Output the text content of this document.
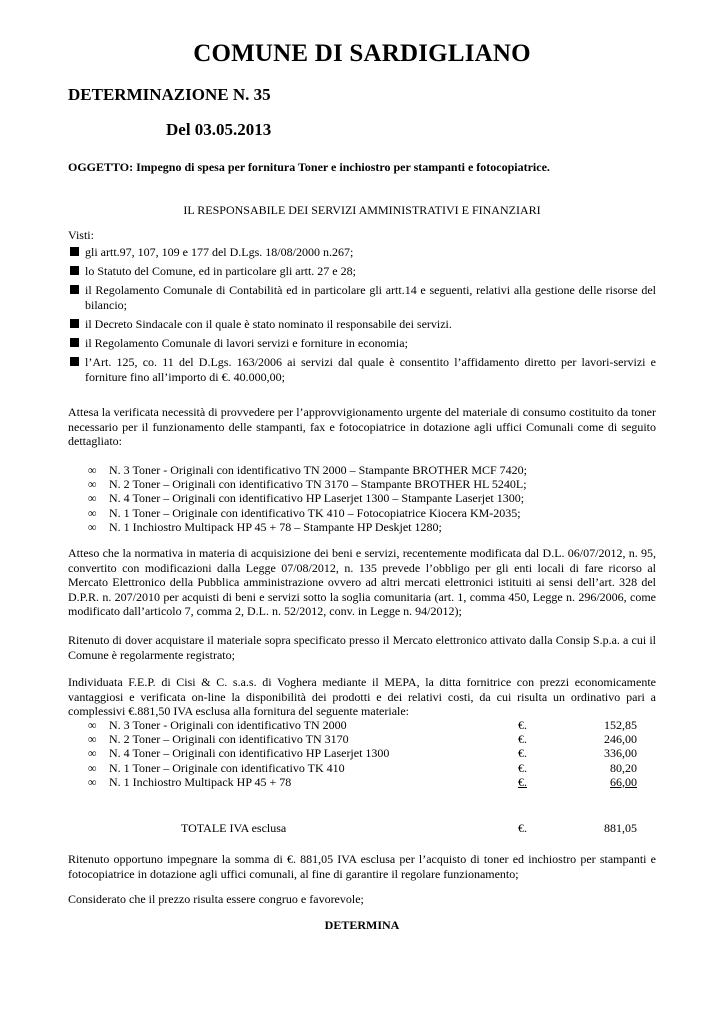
COMUNE DI SARDIGLIANO
DETERMINAZIONE N. 35
Del 03.05.2013
OGGETTO: Impegno di spesa per fornitura Toner e inchiostro per stampanti e fotocopiatrice.
IL RESPONSABILE DEI SERVIZI AMMINISTRATIVI E FINANZIARI
Visti:
gli artt.97, 107, 109 e 177 del D.Lgs. 18/08/2000 n.267;
lo Statuto del Comune, ed in particolare gli artt. 27 e 28;
il Regolamento Comunale di Contabilità ed in particolare gli artt.14 e seguenti, relativi alla gestione delle risorse del bilancio;
il Decreto Sindacale con il quale è stato nominato il responsabile dei servizi.
il Regolamento Comunale di lavori servizi e forniture in economia;
l’Art. 125, co. 11 del D.Lgs. 163/2006 ai servizi dal quale è consentito l’affidamento diretto per lavori-servizi e forniture fino all’importo di €. 40.000,00;
Attesa la verificata necessità di provvedere per l’approvvigionamento urgente del materiale di consumo costituito da toner necessario per il funzionamento delle stampanti, fax e fotocopiatrice in dotazione agli uffici Comunali come di seguito dettagliato:
∞	N. 3 Toner - Originali con identificativo TN 2000 – Stampante BROTHER MCF 7420;
∞	N. 2 Toner – Originali con identificativo TN 3170 – Stampante BROTHER HL 5240L;
∞	N. 4 Toner – Originali con identificativo HP Laserjet 1300 – Stampante Laserjet 1300;
∞	N. 1 Toner – Originale con identificativo TK 410 – Fotocopiatrice Kiocera KM-2035;
∞	N. 1 Inchiostro Multipack HP 45 + 78 – Stampante HP Deskjet 1280;
Atteso che la normativa in materia di acquisizione dei beni e servizi, recentemente modificata dal D.L. 06/07/2012, n. 95, convertito con modificazioni dalla Legge 07/08/2012, n. 135 prevede l’obbligo per gli enti locali di fare ricorso al Mercato Elettronico della Pubblica amministrazione ovvero ad altri mercati elettronici istituiti ai sensi dell’art. 328 del D.P.R. n. 207/2010 per acquisti di beni e servizi sotto la soglia comunitaria (art. 1, comma 450, Legge n. 296/2006, come modificato dall’articolo 7, comma 2, D.L. n. 52/2012, conv. in Legge n. 94/2012);
Ritenuto di dover acquistare il materiale sopra specificato presso il Mercato elettronico attivato dalla Consip S.p.a. a cui il Comune è regolarmente registrato;
Individuata F.E.P. di Cisi & C. s.a.s. di Voghera mediante il MEPA, la ditta fornitrice con prezzi economicamente vantaggiosi e verificata on-line la disponibilità dei prodotti e dei relativi costi, da cui risulta un ordinativo pari a complessivi €.881,50 IVA esclusa alla fornitura del seguente materiale:
∞	N. 3 Toner - Originali con identificativo TN 2000	€.	152,85
∞	N. 2 Toner – Originali con identificativo TN 3170	€.	246,00
∞	N. 4 Toner – Originali con identificativo HP Laserjet 1300	€.	336,00
∞	N. 1 Toner – Originale con identificativo TK 410	€.	80,20
∞	N. 1 Inchiostro Multipack HP 45 + 78	€.	66,00
TOTALE IVA esclusa	€.	881,05
Ritenuto opportuno impegnare la somma di €. 881,05 IVA esclusa per l’acquisto di toner ed inchiostro per stampanti e fotocopiatrice in dotazione agli uffici comunali, al fine di garantire il regolare funzionamento;
Considerato che il prezzo risulta essere congruo e favorevole;
DETERMINA
